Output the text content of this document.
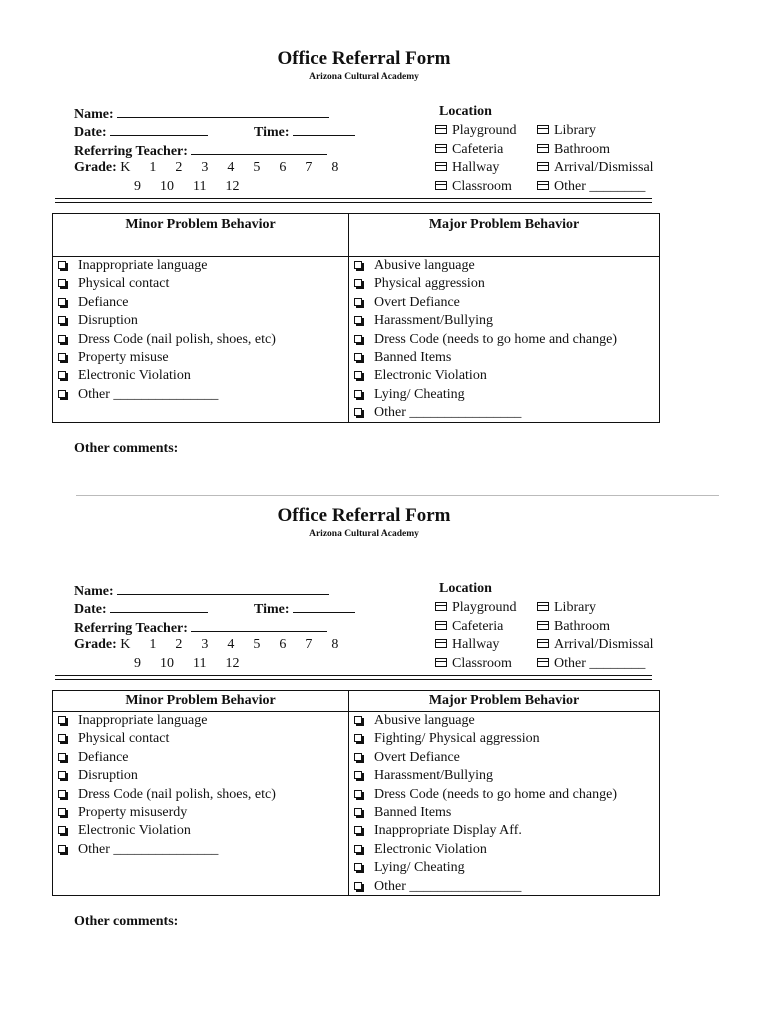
Office Referral Form
Arizona Cultural Academy
Name:
Date:	Time:
Referring Teacher:
Grade: K  1  2  3  4  5  6  7  8
9  10  11  12
Location
Playground
Cafeteria
Hallway
Classroom
Library
Bathroom
Arrival/Dismissal
Other ________
Minor Problem Behavior	Major Problem Behavior
Inappropriate language
Physical contact
Defiance
Disruption
Dress Code (nail polish, shoes, etc)
Property misuse
Electronic Violation
Other _______________
Abusive language
Physical aggression
Overt Defiance
Harassment/Bullying
Dress Code (needs to go home and change)
Banned Items
Electronic Violation
Lying/ Cheating
Other ________________
Other comments:
Office Referral Form
Arizona Cultural Academy
Name:
Date:	Time:
Referring Teacher:
Grade: K  1  2  3  4  5  6  7  8
9  10  11  12
Location
Playground
Cafeteria
Hallway
Classroom
Library
Bathroom
Arrival/Dismissal
Other ________
Minor Problem Behavior	Major Problem Behavior
Inappropriate language
Physical contact
Defiance
Disruption
Dress Code (nail polish, shoes, etc)
Property misuserdy
Electronic Violation
Other _______________
Abusive language
Fighting/ Physical aggression
Overt Defiance
Harassment/Bullying
Dress Code (needs to go home and change)
Banned Items
Inappropriate Display Aff.
Electronic Violation
Lying/ Cheating
Other ________________
Other comments:
